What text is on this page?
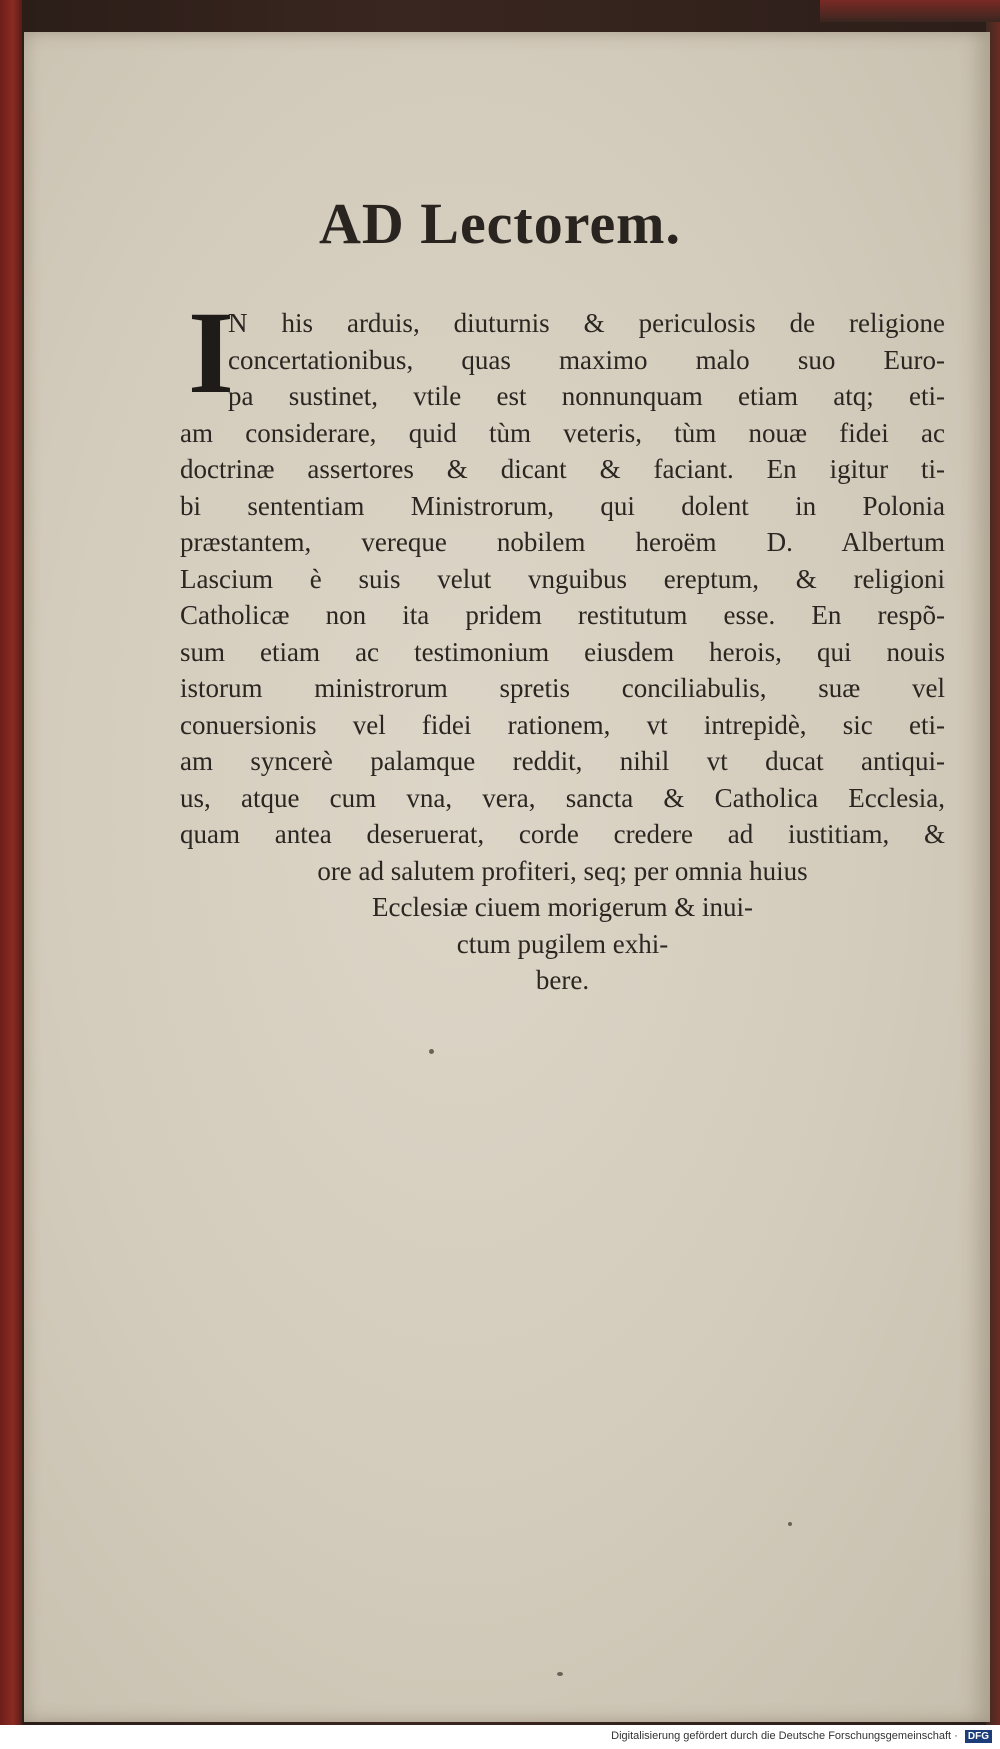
AD Lectorem.
I
N his arduis, diuturnis & periculosis de religione
concertationibus, quas maximo malo suo Euro-
pa sustinet, vtile est nonnunquam etiam atq; eti-
am considerare, quid tùm veteris, tùm nouæ fidei ac
doctrinæ assertores & dicant & faciant. En igitur ti-
bi sententiam Ministrorum, qui dolent in Polonia
præstantem, vereque nobilem heroëm D. Albertum
Lascium è suis velut vnguibus ereptum, & religioni
Catholicæ non ita pridem restitutum esse. En respõ-
sum etiam ac testimonium eiusdem herois, qui nouis
istorum ministrorum spretis conciliabulis, suæ vel
conuersionis vel fidei rationem, vt intrepidè, sic eti-
am syncerè palamque reddit, nihil vt ducat antiqui-
us, atque cum vna, vera, sancta & Catholica Ecclesia,
quam antea deseruerat, corde credere ad iustitiam, &
ore ad salutem profiteri, seq; per omnia huius
Ecclesiæ ciuem morigerum & inui-
ctum pugilem exhi-
bere.
Digitalisierung gefördert durch die Deutsche Forschungsgemeinschaft · DFG
